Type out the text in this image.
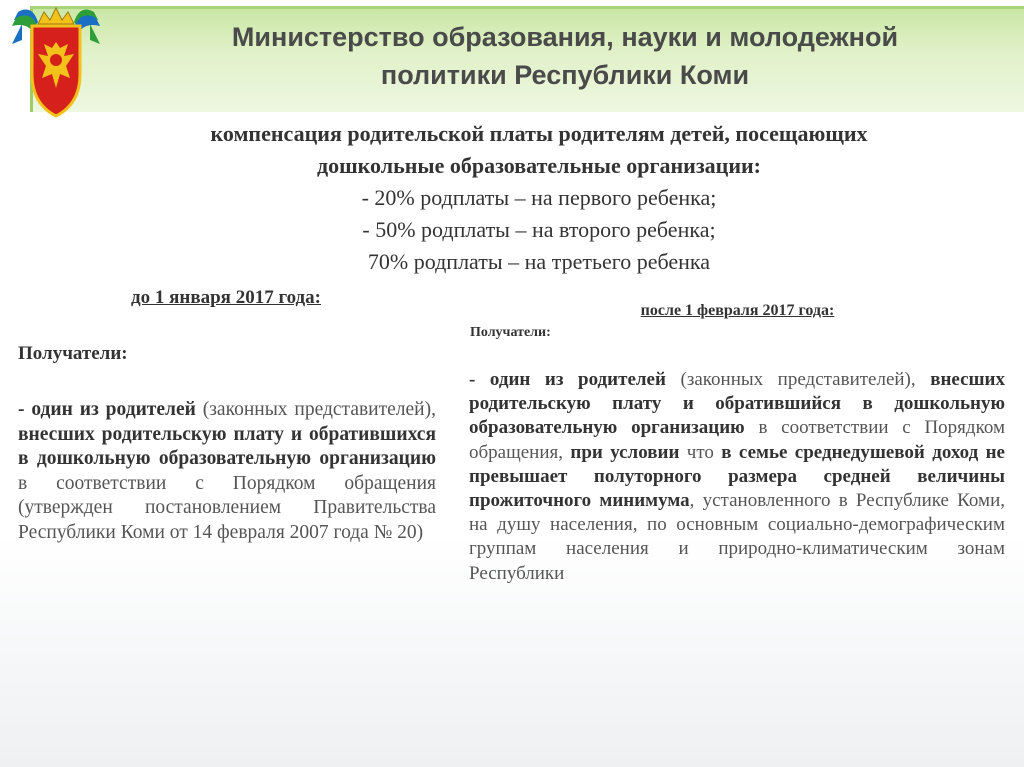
Министерство образования, науки и молодежной
политики Республики Коми
компенсация родительской платы родителям детей, посещающих
дошкольные образовательные организации:
- 20% родплаты – на первого ребенка;
- 50% родплаты – на второго ребенка;
70% родплаты – на третьего ребенка
до 1 января 2017 года:
после 1 февраля 2017 года:
Получатели:
Получатели:
- один из родителей (законных представителей), внесших родительскую плату и обратившихся в дошкольную образовательную организацию в соответствии с Порядком обращения (утвержден постановлением Правительства Республики Коми от 14 февраля 2007 года № 20)
- один из родителей (законных представителей), внесших родительскую плату и обратившийся в дошкольную образовательную организацию в соответствии с Порядком обращения, при условии что в семье среднедушевой доход не превышает полуторного размера средней величины прожиточного минимума, установленного в Республике Коми, на душу населения, по основным социально-демографическим группам населения и природно-климатическим зонам Республики
